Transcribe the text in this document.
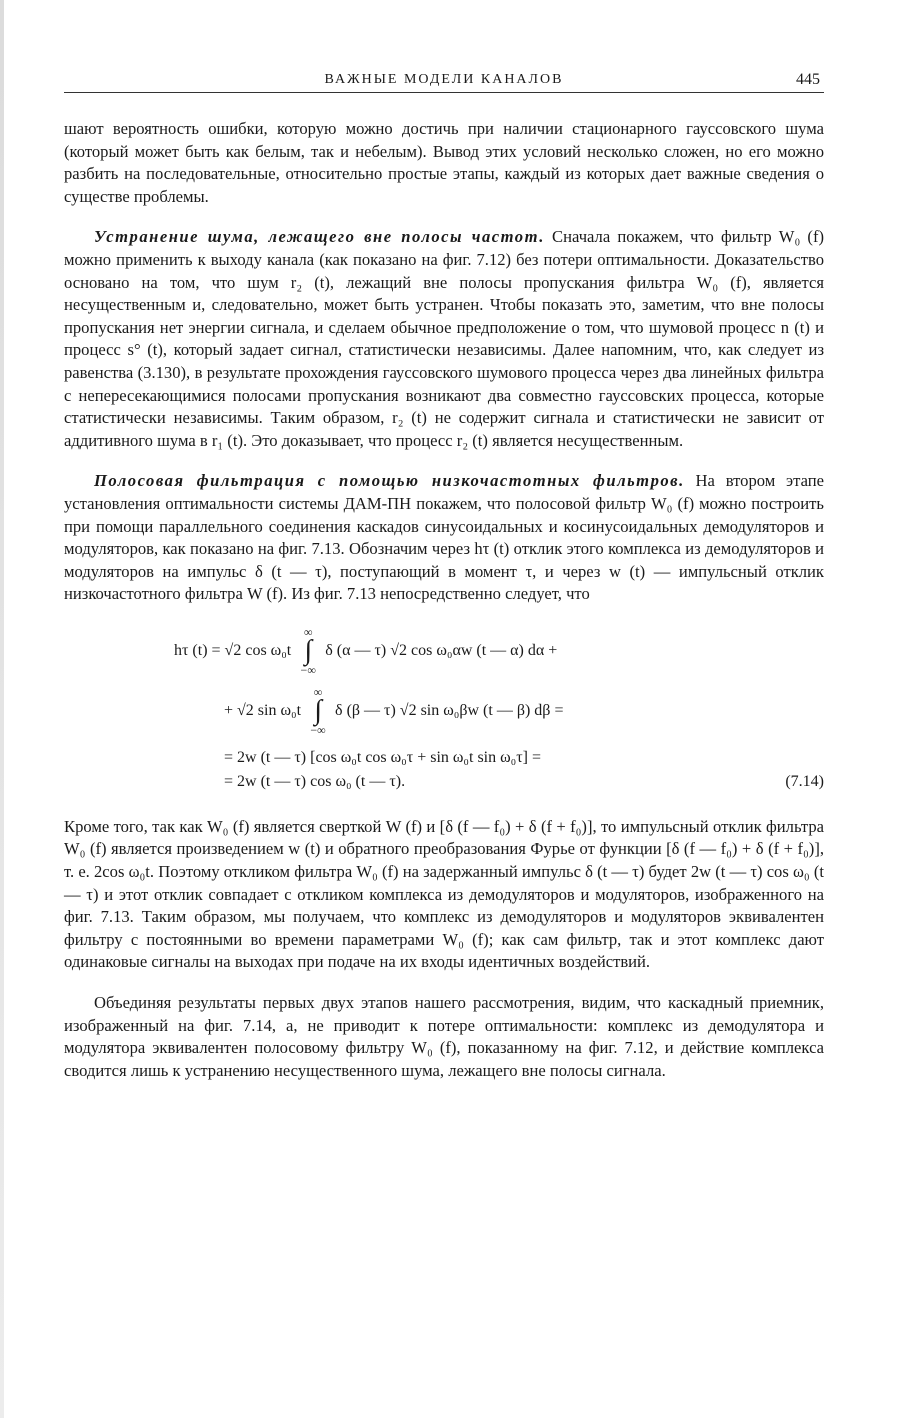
ВАЖНЫЕ МОДЕЛИ КАНАЛОВ	445

шают вероятность ошибки, которую можно достичь при наличии стационарного гауссовского шума (который может быть как белым, так и небелым). Вывод этих условий несколько сложен, но его можно разбить на последовательные, относительно простые этапы, каждый из которых дает важные сведения о существе проблемы.

Устранение шума, лежащего вне полосы частот. Сначала покажем, что фильтр W₀ (f) можно применить к выходу канала (как показано на фиг. 7.12) без потери оптимальности. Доказательство основано на том, что шум r₂ (t), лежащий вне полосы пропускания фильтра W₀ (f), является несущественным и, следовательно, может быть устранен. Чтобы показать это, заметим, что вне полосы пропускания нет энергии сигнала, и сделаем обычное предположение о том, что шумовой процесс n (t) и процесс s° (t), который задает сигнал, статистически независимы. Далее напомним, что, как следует из равенства (3.130), в результате прохождения гауссовского шумового процесса через два линейных фильтра с непересекающимися полосами пропускания возникают два совместно гауссовских процесса, которые статистически независимы. Таким образом, r₂ (t) не содержит сигнала и статистически не зависит от аддитивного шума в r₁ (t). Это доказывает, что процесс r₂ (t) является несущественным.

Полосовая фильтрация с помощью низкочастотных фильтров. На втором этапе установления оптимальности системы ДАМ-ПН покажем, что полосовой фильтр W₀ (f) можно построить при помощи параллельного соединения каскадов синусоидальных и косинусоидальных демодуляторов и модуляторов, как показано на фиг. 7.13. Обозначим через hτ (t) отклик этого комплекса из демодуляторов и модуляторов на импульс δ (t — τ), поступающий в момент τ, и через w (t) — импульсный отклик низкочастотного фильтра W (f). Из фиг. 7.13 непосредственно следует, что

hτ (t) = √2 cos ω₀t ∞
∫
−∞ δ (α — τ) √2 cos ω₀αw (t — α) dα +
+ √2 sin ω₀t ∞
∫
−∞ δ (β — τ) √2 sin ω₀βw (t — β) dβ =
= 2w (t — τ) [cos ω₀t cos ω₀τ + sin ω₀t sin ω₀τ] =
= 2w (t — τ) cos ω₀ (t — τ).	(7.14)

Кроме того, так как W₀ (f) является сверткой W (f) и [δ (f — f₀) + δ (f + f₀)], то импульсный отклик фильтра W₀ (f) является произведением w (t) и обратного преобразования Фурье от функции [δ (f — f₀) + δ (f + f₀)], т. е. 2cos ω₀t. Поэтому откликом фильтра W₀ (f) на задержанный импульс δ (t — τ) будет 2w (t — τ) cos ω₀ (t — τ) и этот отклик совпадает с откликом комплекса из демодуляторов и модуляторов, изображенного на фиг. 7.13. Таким образом, мы получаем, что комплекс из демодуляторов и модуляторов эквивалентен фильтру с постоянными во времени параметрами W₀ (f); как сам фильтр, так и этот комплекс дают одинаковые сигналы на выходах при подаче на их входы идентичных воздействий.

Объединяя результаты первых двух этапов нашего рассмотрения, видим, что каскадный приемник, изображенный на фиг. 7.14, а, не приводит к потере оптимальности: комплекс из демодулятора и модулятора эквивалентен полосовому фильтру W₀ (f), показанному на фиг. 7.12, и действие комплекса сводится лишь к устранению несущественного шума, лежащего вне полосы сигнала.
